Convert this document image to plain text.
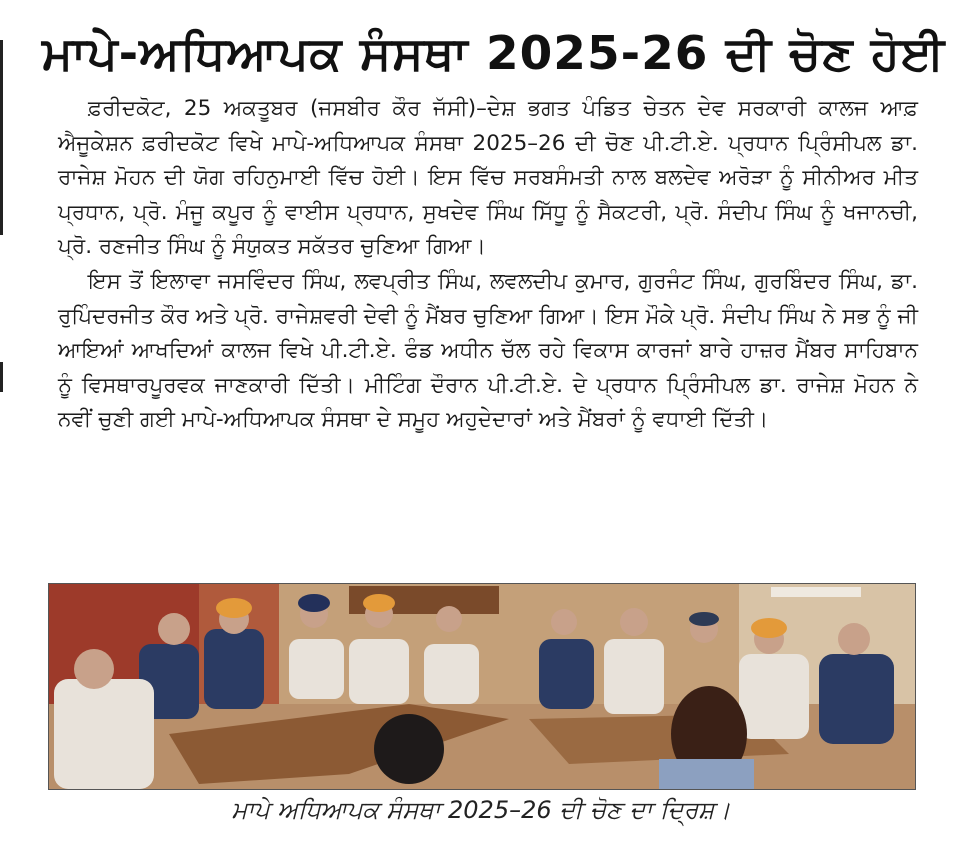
ਮਾਪੇ-ਅਧਿਆਪਕ ਸੰਸਥਾ 2025-26 ਦੀ ਚੋਣ ਹੋਈ

ਫ਼ਰੀਦਕੋਟ, 25 ਅਕਤੂਬਰ (ਜਸਬੀਰ ਕੌਰ ਜੱਸੀ)–ਦੇਸ਼ ਭਗਤ ਪੰਡਿਤ ਚੇਤਨ ਦੇਵ ਸਰਕਾਰੀ ਕਾਲਜ ਆਫ਼ ਐਜੂਕੇਸ਼ਨ ਫ਼ਰੀਦਕੋਟ ਵਿਖੇ ਮਾਪੇ-ਅਧਿਆਪਕ ਸੰਸਥਾ 2025–26 ਦੀ ਚੋਣ ਪੀ.ਟੀ.ਏ. ਪ੍ਰਧਾਨ ਪ੍ਰਿੰਸੀਪਲ ਡਾ. ਰਾਜੇਸ਼ ਮੋਹਨ ਦੀ ਯੋਗ ਰਹਿਨੁਮਾਈ ਵਿੱਚ ਹੋਈ। ਇਸ ਵਿੱਚ ਸਰਬਸੰਮਤੀ ਨਾਲ ਬਲਦੇਵ ਅਰੋੜਾ ਨੂੰ ਸੀਨੀਅਰ ਮੀਤ ਪ੍ਰਧਾਨ, ਪ੍ਰੋ. ਮੰਜੂ ਕਪੂਰ ਨੂੰ ਵਾਈਸ ਪ੍ਰਧਾਨ, ਸੁਖਦੇਵ ਸਿੰਘ ਸਿੱਧੂ ਨੂੰ ਸੈਕਟਰੀ, ਪ੍ਰੋ. ਸੰਦੀਪ ਸਿੰਘ ਨੂੰ ਖਜਾਨਚੀ, ਪ੍ਰੋ. ਰਣਜੀਤ ਸਿੰਘ ਨੂੰ ਸੰਯੁਕਤ ਸਕੱਤਰ ਚੁਣਿਆ ਗਿਆ।

ਇਸ ਤੋਂ ਇਲਾਵਾ ਜਸਵਿੰਦਰ ਸਿੰਘ, ਲਵਪ੍ਰੀਤ ਸਿੰਘ, ਲਵਲਦੀਪ ਕੁਮਾਰ, ਗੁਰਜੰਟ ਸਿੰਘ, ਗੁਰਬਿੰਦਰ ਸਿੰਘ, ਡਾ. ਰੁਪਿੰਦਰਜੀਤ ਕੌਰ ਅਤੇ ਪ੍ਰੋ. ਰਾਜੇਸ਼ਵਰੀ ਦੇਵੀ ਨੂੰ ਮੈਂਬਰ ਚੁਣਿਆ ਗਿਆ। ਇਸ ਮੌਕੇ ਪ੍ਰੋ. ਸੰਦੀਪ ਸਿੰਘ ਨੇ ਸਭ ਨੂੰ ਜੀ ਆਇਆਂ ਆਖਦਿਆਂ ਕਾਲਜ ਵਿਖੇ ਪੀ.ਟੀ.ਏ. ਫੰਡ ਅਧੀਨ ਚੱਲ ਰਹੇ ਵਿਕਾਸ ਕਾਰਜਾਂ ਬਾਰੇ ਹਾਜ਼ਰ ਮੈਂਬਰ ਸਾਹਿਬਾਨ ਨੂੰ ਵਿਸਥਾਰਪੂਰਵਕ ਜਾਣਕਾਰੀ ਦਿੱਤੀ। ਮੀਟਿੰਗ ਦੌਰਾਨ ਪੀ.ਟੀ.ਏ. ਦੇ ਪ੍ਰਧਾਨ ਪ੍ਰਿੰਸੀਪਲ ਡਾ. ਰਾਜੇਸ਼ ਮੋਹਨ ਨੇ ਨਵੀਂ ਚੁਣੀ ਗਈ ਮਾਪੇ-ਅਧਿਆਪਕ ਸੰਸਥਾ ਦੇ ਸਮੂਹ ਅਹੁਦੇਦਾਰਾਂ ਅਤੇ ਮੈਂਬਰਾਂ ਨੂੰ ਵਧਾਈ ਦਿੱਤੀ।

ਮਾਪੇ ਅਧਿਆਪਕ ਸੰਸਥਾ 2025–26 ਦੀ ਚੋਣ ਦਾ ਦ੍ਰਿਸ਼।
